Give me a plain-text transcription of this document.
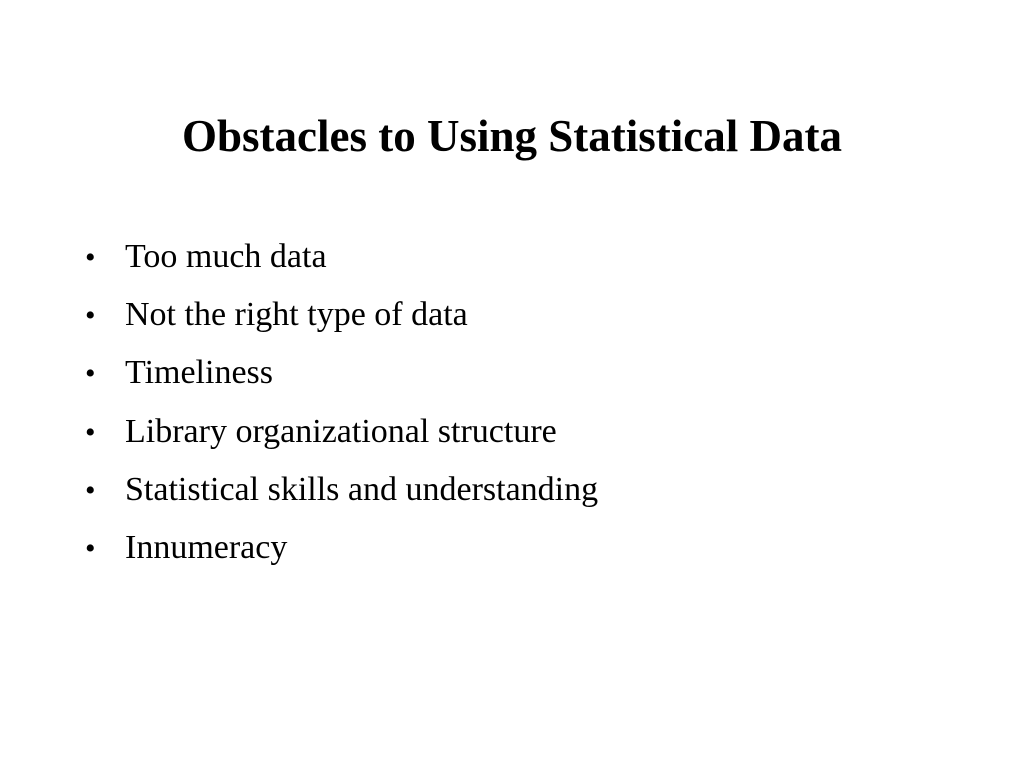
Obstacles to Using Statistical Data
• Too much data
• Not the right type of data
• Timeliness
• Library organizational structure
• Statistical skills and understanding
• Innumeracy
